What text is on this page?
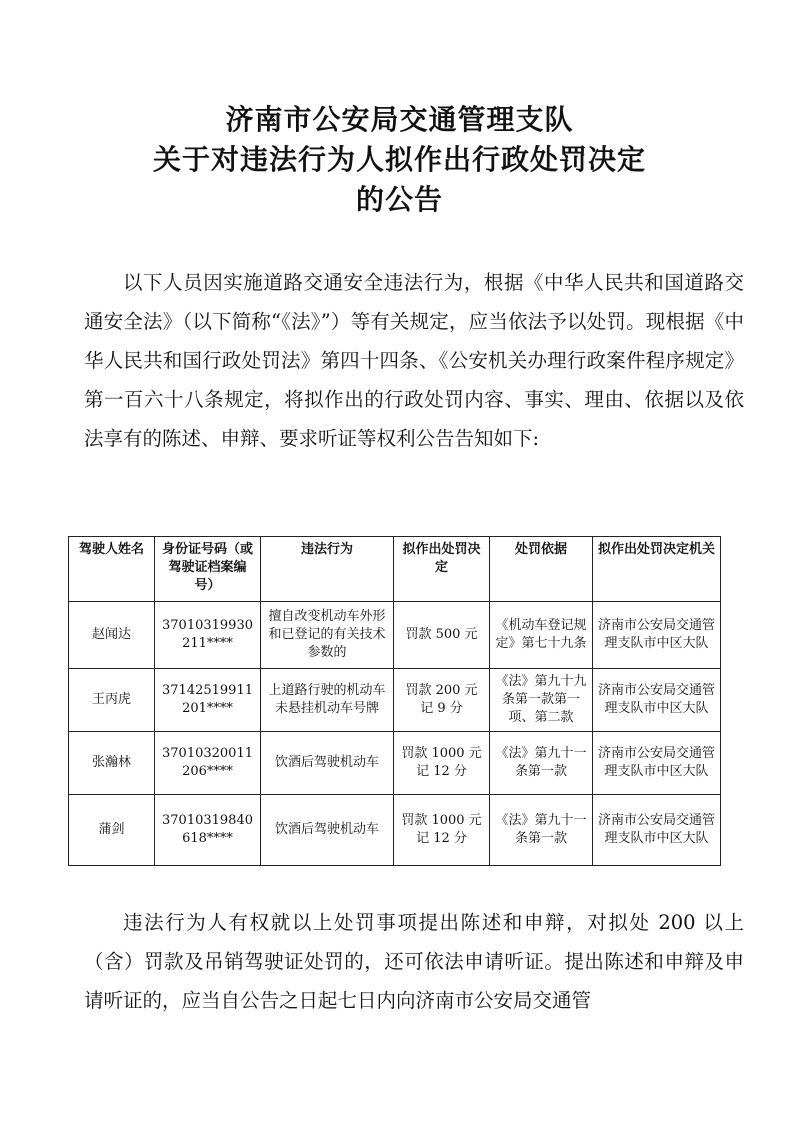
济南市公安局交通管理支队
关于对违法行为人拟作出行政处罚决定
的公告

以下人员因实施道路交通安全违法行为，根据《中华人民共和国道路交通安全法》（以下简称“《法》”）等有关规定，应当依法予以处罚。现根据《中华人民共和国行政处罚法》第四十四条、《公安机关办理行政案件程序规定》第一百六十八条规定，将拟作出的行政处罚内容、事实、理由、依据以及依法享有的陈述、申辩、要求听证等权利公告告知如下:

驾驶人姓名	身份证号码（或驾驶证档案编号）	违法行为	拟作出处罚决定	处罚依据	拟作出处罚决定机关
赵闻达	37010319930211****	擅自改变机动车外形和已登记的有关技术参数的	罚款 500 元	《机动车登记规 定》第七十九条	济南市公安局交通管理支队市中区大队
王丙虎	37142519911201****	上道路行驶的机动车未悬挂机动车号牌	罚款 200 元 记 9 分	《法》第九十九条第一款第一项、第二款	济南市公安局交通管理支队市中区大队
张瀚林	37010320011206****	饮酒后驾驶机动车	罚款 1000 元 记 12 分	《法》第九十一条第一款	济南市公安局交通管理支队市中区大队
蒲剑	37010319840618****	饮酒后驾驶机动车	罚款 1000 元 记 12 分	《法》第九十一条第一款	济南市公安局交通管理支队市中区大队

违法行为人有权就以上处罚事项提出陈述和申辩，对拟处 200 以上（含）罚款及吊销驾驶证处罚的，还可依法申请听证。提出陈述和申辩及申请听证的，应当自公告之日起七日内向济南市公安局交通管
